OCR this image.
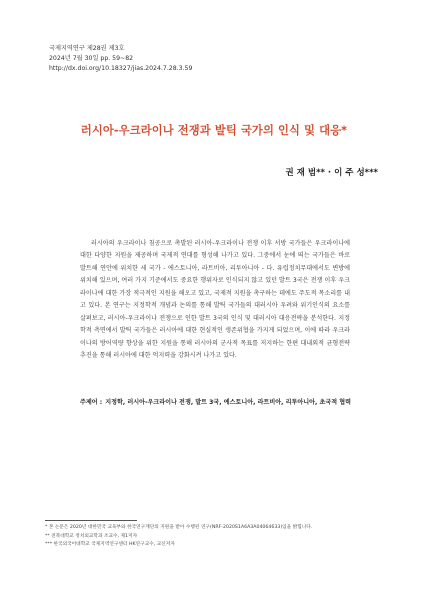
국제지역연구 제28권 제3호
2024년 7월 30일 pp. 59~82
http://dx.doi.org/10.18327/jias.2024.7.28.3.59
러시아-우크라이나 전쟁과 발틱 국가의 인식 및 대응*
권 재 범** · 이 주 성***

러시아의 우크라이나 침공으로 촉발된 러시아-우크라이나 전쟁 이후 서방 국가들은 우크라이나에 대한 다양한 지원을 제공하며 국제적 연대를 형성해 나가고 있다. 그중에서 눈에 띄는 국가들은 바로 발트해 연안에 위치한 세 국가 - 에스토니아, 라트비아, 리투아니아 - 다. 유럽정치무대에서도 변방에 위치해 있으며, 여러 가지 기준에서도 중요한 행위자로 인식되지 않고 있던 발트 3국은 전쟁 이후 우크라이나에 대한 가장 적극적인 지원을 해오고 있고, 국제적 지원을 촉구하는 데에도 주도적 목소리를 내고 있다. 본 연구는 지정학적 개념과 논의를 통해 발틱 국가들의 대러시아 우려와 위기인식의 요소를 살펴보고, 러시아-우크라이나 전쟁으로 인한 발트 3국의 인식 및 대러시아 대응전략을 분석한다. 지정학적 측면에서 발틱 국가들은 러시아에 대한 현실적인 생존위협을 가지게 되었으며, 이에 따라 우크라이나의 방어역량 향상을 위한 지원을 통해 러시아의 군사적 목표를 저지하는 한편 대내외적 균형전략 추진을 통해 러시아에 대한 억지력을 강화시켜 나가고 있다.

주제어 : 지정학, 러시아-우크라이나 전쟁, 발트 3국, 에스토니아, 라트비아, 리투아니아, 초국적 협력
* 본 논문은 2020년 대한민국 교육부와 한국연구재단의 지원을 받아 수행된 연구(NRF-2020S1A6A3A04064633)임을 밝힙니다.
** 전북대학교 정치외교학과 조교수, 제1저자
*** 한국외국어대학교 국제지역연구센터 HK연구교수, 교신저자
